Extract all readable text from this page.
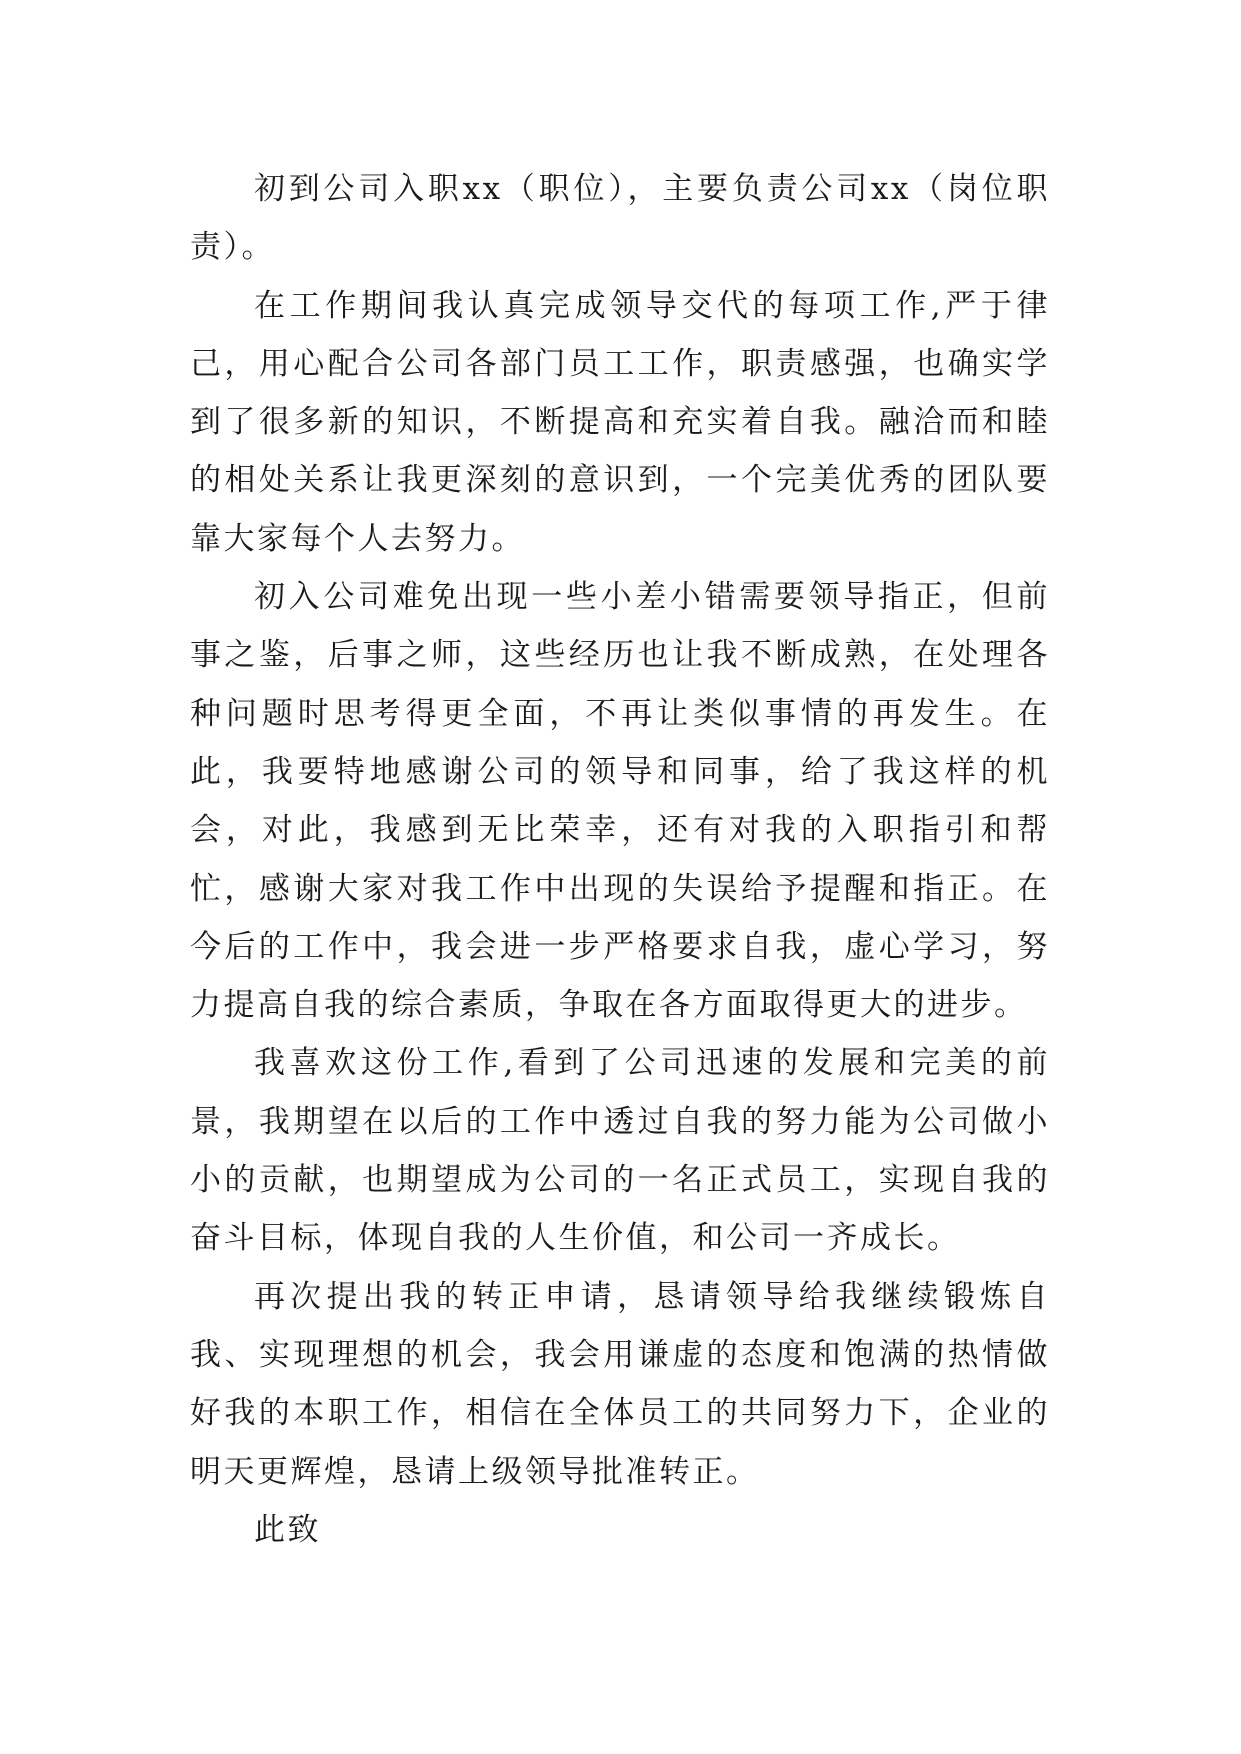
初到公司入职xx（职位），主要负责公司xx（岗位职责）。

在工作期间我认真完成领导交代的每项工作,严于律己，用心配合公司各部门员工工作，职责感强，也确实学到了很多新的知识，不断提高和充实着自我。融洽而和睦的相处关系让我更深刻的意识到，一个完美优秀的团队要靠大家每个人去努力。

初入公司难免出现一些小差小错需要领导指正，但前事之鉴，后事之师，这些经历也让我不断成熟，在处理各种问题时思考得更全面，不再让类似事情的再发生。在此，我要特地感谢公司的领导和同事，给了我这样的机会，对此，我感到无比荣幸，还有对我的入职指引和帮忙，感谢大家对我工作中出现的失误给予提醒和指正。在今后的工作中，我会进一步严格要求自我，虚心学习，努力提高自我的综合素质，争取在各方面取得更大的进步。

我喜欢这份工作,看到了公司迅速的发展和完美的前景，我期望在以后的工作中透过自我的努力能为公司做小小的贡献，也期望成为公司的一名正式员工，实现自我的奋斗目标，体现自我的人生价值，和公司一齐成长。

再次提出我的转正申请，恳请领导给我继续锻炼自我、实现理想的机会，我会用谦虚的态度和饱满的热情做好我的本职工作，相信在全体员工的共同努力下，企业的明天更辉煌，恳请上级领导批准转正。

此致
